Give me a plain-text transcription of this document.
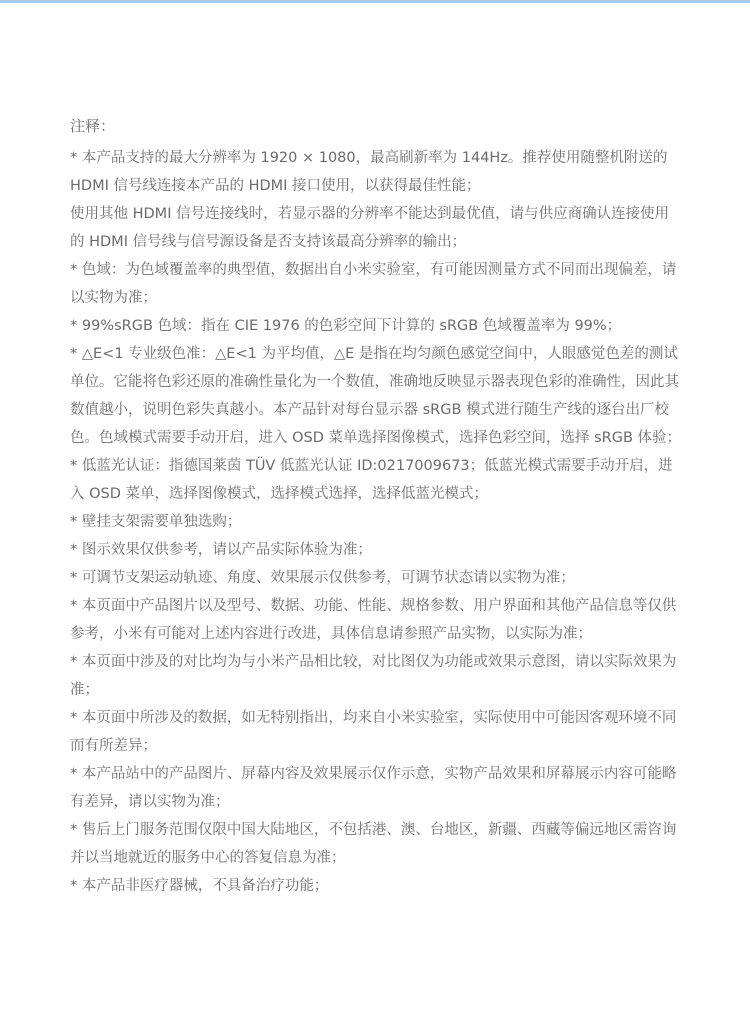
注释：

* 本产品支持的最大分辨率为 1920 × 1080，最高刷新率为 144Hz。推荐使用随整机附送的 HDMI 信号线连接本产品的 HDMI 接口使用，以获得最佳性能；

使用其他 HDMI 信号连接线时，若显示器的分辨率不能达到最优值，请与供应商确认连接使用的 HDMI 信号线与信号源设备是否支持该最高分辨率的输出；

* 色域：为色域覆盖率的典型值，数据出自小米实验室，有可能因测量方式不同而出现偏差，请以实物为准；

* 99%sRGB 色域：指在 CIE 1976 的色彩空间下计算的 sRGB 色域覆盖率为 99%；

* △E<1 专业级色准：△E<1 为平均值，△E 是指在均匀颜色感觉空间中，人眼感觉色差的测试单位。它能将色彩还原的准确性量化为一个数值，准确地反映显示器表现色彩的准确性，因此其数值越小，说明色彩失真越小。本产品针对每台显示器 sRGB 模式进行随生产线的逐台出厂校色。色域模式需要手动开启，进入 OSD 菜单选择图像模式，选择色彩空间，选择 sRGB 体验；

* 低蓝光认证：指德国莱茵 TÜV 低蓝光认证 ID:0217009673；低蓝光模式需要手动开启，进入 OSD 菜单，选择图像模式，选择模式选择，选择低蓝光模式；

* 壁挂支架需要单独选购；

* 图示效果仅供参考，请以产品实际体验为准；

* 可调节支架运动轨迹、角度、效果展示仅供参考，可调节状态请以实物为准；

* 本页面中产品图片以及型号、数据、功能、性能、规格参数、用户界面和其他产品信息等仅供参考，小米有可能对上述内容进行改进，具体信息请参照产品实物，以实际为准；

* 本页面中涉及的对比均为与小米产品相比较，对比图仅为功能或效果示意图，请以实际效果为准；

* 本页面中所涉及的数据，如无特别指出，均来自小米实验室，实际使用中可能因客观环境不同而有所差异；

* 本产品站中的产品图片、屏幕内容及效果展示仅作示意，实物产品效果和屏幕展示内容可能略有差异，请以实物为准；

* 售后上门服务范围仅限中国大陆地区，不包括港、澳、台地区，新疆、西藏等偏远地区需咨询并以当地就近的服务中心的答复信息为准；

* 本产品非医疗器械，不具备治疗功能；
